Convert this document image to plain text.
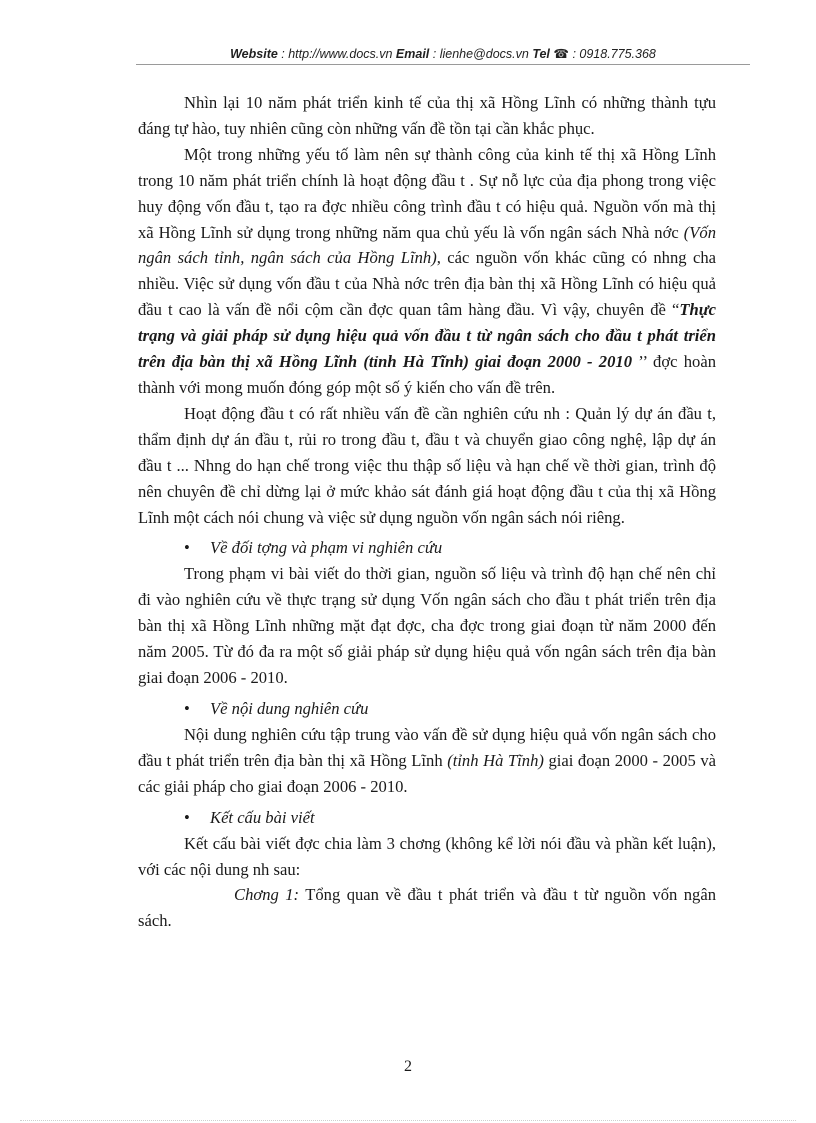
Website : http://www.docs.vn Email : lienhe@docs.vn Tel ☎ : 0918.775.368

Nhìn lại 10 năm phát triển kinh tế của thị xã Hồng Lĩnh có những thành tựu đáng tự hào, tuy nhiên cũng còn những vấn đề tồn tại cần khắc phục.

Một trong những yếu tố làm nên sự thành công của kinh tế thị xã Hồng Lĩnh trong 10 năm phát triển chính là hoạt động đầu t . Sự nỗ lực của địa phong trong việc huy động vốn đầu t, tạo ra đợc nhiều công trình đầu t có hiệu quả. Nguồn vốn mà thị xã Hồng Lĩnh sử dụng trong những năm qua chủ yếu là vốn ngân sách Nhà nớc (Vốn ngân sách tỉnh, ngân sách của Hồng Lĩnh), các nguồn vốn khác cũng có nhng cha nhiều. Việc sử dụng vốn đầu t của Nhà nớc trên địa bàn thị xã Hồng Lĩnh có hiệu quả đầu t cao là vấn đề nổi cộm cần đợc quan tâm hàng đầu. Vì vậy, chuyên đề “Thực trạng và giải pháp sử dụng hiệu quả vốn đầu t từ ngân sách cho đầu t phát triển trên địa bàn thị xã Hồng Lĩnh (tỉnh Hà Tĩnh) giai đoạn 2000 - 2010 ’’ đợc hoàn thành với mong muốn đóng góp một số ý kiến cho vấn đề trên.

Hoạt động đầu t có rất nhiều vấn đề cần nghiên cứu nh : Quản lý dự án đầu t, thẩm định dự án đầu t, rủi ro trong đầu t, đầu t và chuyển giao công nghệ, lập dự án đầu t ... Nhng do hạn chế trong việc thu thập số liệu và hạn chế về thời gian, trình độ nên chuyên đề chỉ dừng lại ở mức khảo sát đánh giá hoạt động đầu t của thị xã Hồng Lĩnh một cách nói chung và việc sử dụng nguồn vốn ngân sách nói riêng.

• Về đối tợng và phạm vi nghiên cứu

Trong phạm vi bài viết do thời gian, nguồn số liệu và trình độ hạn chế nên chỉ đi vào nghiên cứu về thực trạng sử dụng Vốn ngân sách cho đầu t phát triển trên địa bàn thị xã Hồng Lĩnh những mặt đạt đợc, cha đợc trong giai đoạn từ năm 2000 đến năm 2005. Từ đó đa ra một số giải pháp sử dụng hiệu quả vốn ngân sách trên địa bàn giai đoạn 2006 - 2010.

• Về nội dung nghiên cứu

Nội dung nghiên cứu tập trung vào vấn đề sử dụng hiệu quả vốn ngân sách cho đầu t phát triển trên địa bàn thị xã Hồng Lĩnh (tỉnh Hà Tĩnh) giai đoạn 2000 - 2005 và các giải pháp cho giai đoạn 2006 - 2010.

• Kết cấu bài viết

Kết cấu bài viết đợc chia làm 3 chơng (không kể lời nói đầu và phần kết luận), với các nội dung nh sau:

Chơng 1: Tổng quan về đầu t phát triển và đầu t từ nguồn vốn ngân sách.

2
